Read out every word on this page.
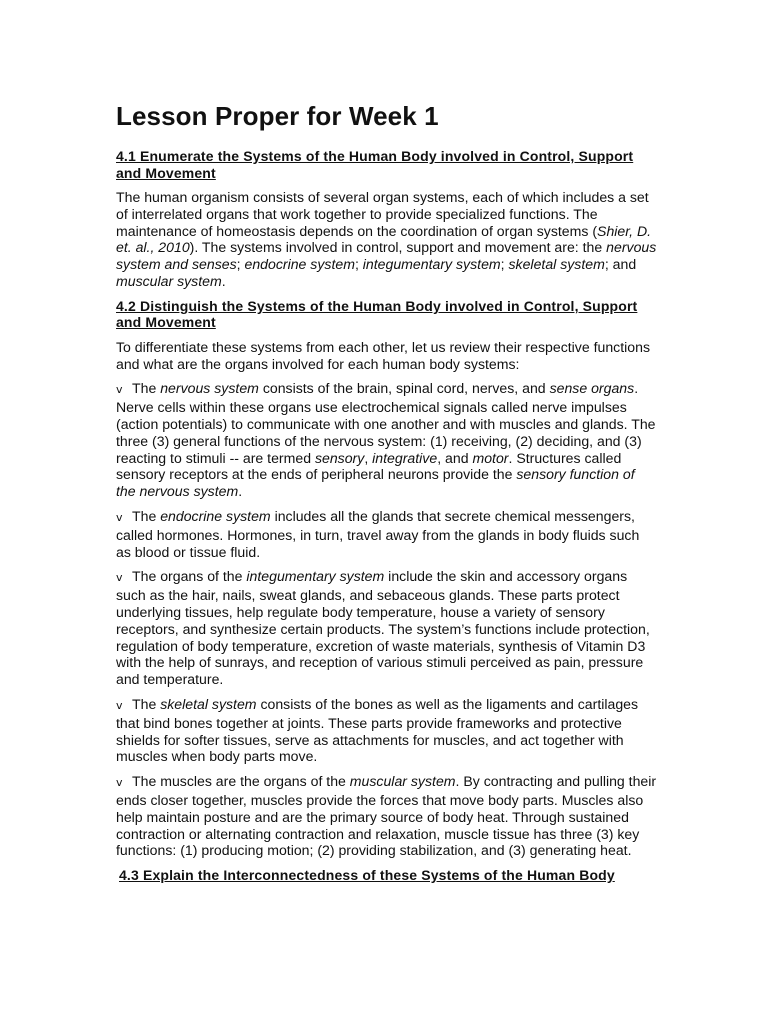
Lesson Proper for Week 1
4.1 Enumerate the Systems of the Human Body involved in Control, Support and Movement

The human organism consists of several organ systems, each of which includes a set of interrelated organs that work together to provide specialized functions. The maintenance of homeostasis depends on the coordination of organ systems (Shier, D. et. al., 2010). The systems involved in control, support and movement are: the nervous system and senses; endocrine system; integumentary system; skeletal system; and muscular system.

4.2 Distinguish the Systems of the Human Body involved in Control, Support and Movement

To differentiate these systems from each other, let us review their respective functions and what are the organs involved for each human body systems:

v The nervous system consists of the brain, spinal cord, nerves, and sense organs. Nerve cells within these organs use electrochemical signals called nerve impulses (action potentials) to communicate with one another and with muscles and glands. The three (3) general functions of the nervous system: (1) receiving, (2) deciding, and (3) reacting to stimuli -- are termed sensory, integrative, and motor. Structures called sensory receptors at the ends of peripheral neurons provide the sensory function of the nervous system.

v The endocrine system includes all the glands that secrete chemical messengers, called hormones. Hormones, in turn, travel away from the glands in body fluids such as blood or tissue fluid.

v The organs of the integumentary system include the skin and accessory organs such as the hair, nails, sweat glands, and sebaceous glands. These parts protect underlying tissues, help regulate body temperature, house a variety of sensory receptors, and synthesize certain products. The system’s functions include protection, regulation of body temperature, excretion of waste materials, synthesis of Vitamin D3 with the help of sunrays, and reception of various stimuli perceived as pain, pressure and temperature.

v The skeletal system consists of the bones as well as the ligaments and cartilages that bind bones together at joints. These parts provide frameworks and protective shields for softer tissues, serve as attachments for muscles, and act together with muscles when body parts move.

v The muscles are the organs of the muscular system. By contracting and pulling their ends closer together, muscles provide the forces that move body parts. Muscles also help maintain posture and are the primary source of body heat. Through sustained contraction or alternating contraction and relaxation, muscle tissue has three (3) key functions: (1) producing motion; (2) providing stabilization, and (3) generating heat.

4.3 Explain the Interconnectedness of these Systems of the Human Body
